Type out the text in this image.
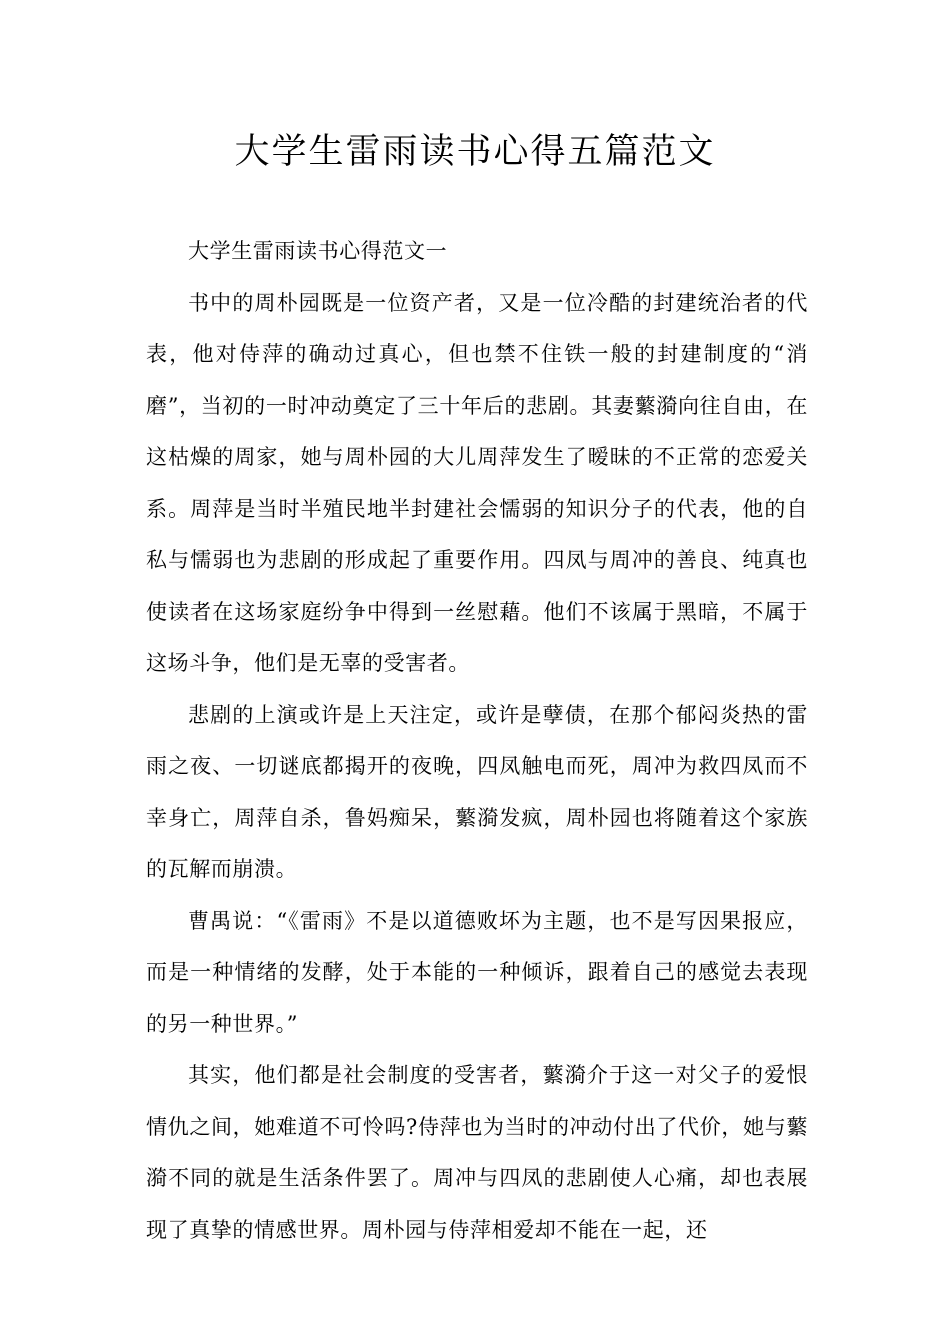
大学生雷雨读书心得五篇范文

大学生雷雨读书心得范文一

书中的周朴园既是一位资产者，又是一位冷酷的封建统治者的代表，他对侍萍的确动过真心，但也禁不住铁一般的封建制度的“消磨”，当初的一时冲动奠定了三十年后的悲剧。其妻蘩漪向往自由，在这枯燥的周家，她与周朴园的大儿周萍发生了暧昧的不正常的恋爱关系。周萍是当时半殖民地半封建社会懦弱的知识分子的代表，他的自私与懦弱也为悲剧的形成起了重要作用。四凤与周冲的善良、纯真也使读者在这场家庭纷争中得到一丝慰藉。他们不该属于黑暗，不属于这场斗争，他们是无辜的受害者。

悲剧的上演或许是上天注定，或许是孽债，在那个郁闷炎热的雷雨之夜、一切谜底都揭开的夜晚，四凤触电而死，周冲为救四凤而不幸身亡，周萍自杀，鲁妈痴呆，蘩漪发疯，周朴园也将随着这个家族的瓦解而崩溃。

曹禺说：“《雷雨》不是以道德败坏为主题，也不是写因果报应，而是一种情绪的发酵，处于本能的一种倾诉，跟着自己的感觉去表现的另一种世界。”

其实，他们都是社会制度的受害者，蘩漪介于这一对父子的爱恨情仇之间，她难道不可怜吗?侍萍也为当时的冲动付出了代价，她与蘩漪不同的就是生活条件罢了。周冲与四凤的悲剧使人心痛，却也表展现了真挚的情感世界。周朴园与侍萍相爱却不能在一起，还
